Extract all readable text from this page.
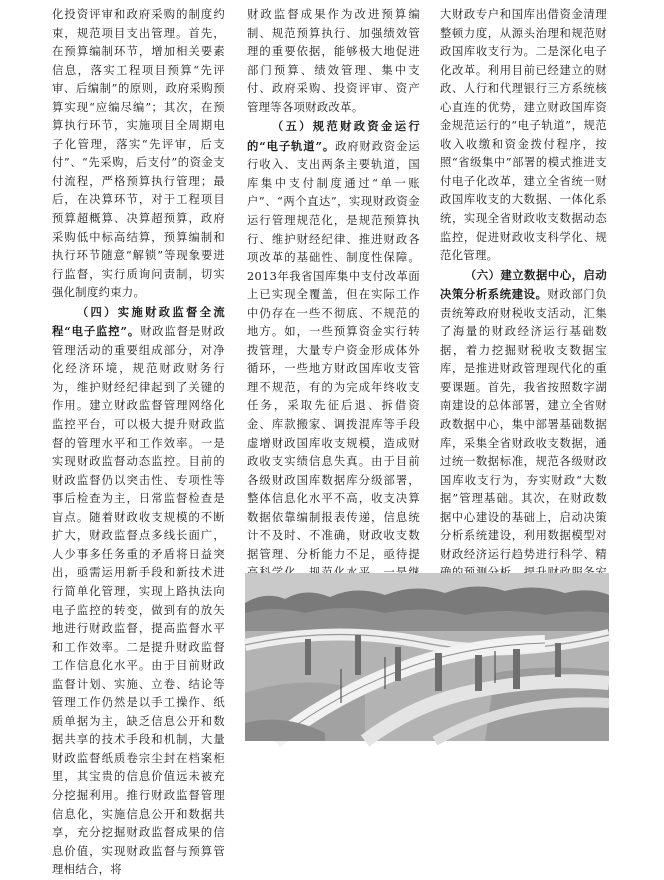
化投资评审和政府采购的制度约束，规范项目支出管理。首先，在预算编制环节，增加相关要素信息，落实工程项目预算“先评审、后编制”的原则，政府采购预算实现“应编尽编”；其次，在预算执行环节，实施项目全周期电子化管理，落实“先评审，后支付”、“先采购，后支付”的资金支付流程，严格预算执行管理；最后，在决算环节，对于工程项目预算超概算、决算超预算，政府采购低中标高结算，预算编制和执行环节随意“解锁”等现象要进行监督，实行质询问责制，切实强化制度约束力。

（四）实施财政监督全流程“电子监控”。财政监督是财政管理活动的重要组成部分，对净化经济环境，规范财政财务行为，维护财经纪律起到了关键的作用。建立财政监督管理网络化监控平台，可以极大提升财政监督的管理水平和工作效率。一是实现财政监督动态监控。目前的财政监督仍以突击性、专项性等事后检查为主，日常监督检查是盲点。随着财政收支规模的不断扩大，财政监督点多线长面广，人少事多任务重的矛盾将日益突出，亟需运用新手段和新技术进行简单化管理，实现上路执法向电子监控的转变，做到有的放矢地进行财政监督，提高监督水平和工作效率。二是提升财政监督工作信息化水平。由于目前财政监督计划、实施、立卷、结论等管理工作仍然是以手工操作、纸质单据为主，缺乏信息公开和数据共享的技术手段和机制，大量财政监督纸质卷宗尘封在档案柜里，其宝贵的信息价值远未被充分挖掘利用。推行财政监督管理信息化，实施信息公开和数据共享，充分挖掘财政监督成果的信息价值，实现财政监督与预算管理相结合，将

财政监督成果作为改进预算编制、规范预算执行、加强绩效管理的重要依据，能够极大地促进部门预算、绩效管理、集中支付、政府采购、投资评审、资产管理等各项财政改革。

（五）规范财政资金运行的“电子轨道”。政府财政资金运行收入、支出两条主要轨道，国库集中支付制度通过“单一账户”、“两个直达”，实现财政资金运行管理规范化，是规范预算执行、维护财经纪律、推进财政各项改革的基础性、制度性保障。2013年我省国库集中支付改革面上已实现全覆盖，但在实际工作中仍存在一些不彻底、不规范的地方。如，一些预算资金实行转拨管理，大量专户资金形成体外循环，一些地方财政国库收支管理不规范，有的为完成年终收支任务，采取先征后退、拆借资金、库款搬家、调拨混库等手段虚增财政国库收支规模，造成财政收支实绩信息失真。由于目前各级财政国库数据库分级部署，整体信息化水平不高，收支决算数据依靠编制报表传递，信息统计不及时、不准确，财政收支数据管理、分析能力不足，亟待提

大财政专户和国库出借资金清理整顿力度，从源头治理和规范财政国库收支行为。二是深化电子化改革。利用目前已经建立的财政、人行和代理银行三方系统核心直连的优势，建立财政国库资金规范运行的“电子轨道”，规范收入收缴和资金拨付程序，按照“省级集中”部署的模式推进支付电子化改革，建立全省统一财政国库收支的大数据、一体化系统，实现全省财政收支数据动态监控，促进财政收支科学化、规范化管理。

（六）建立数据中心，启动决策分析系统建设。财政部门负责统筹政府财税收支活动，汇集了海量的财政经济运行基础数据，着力挖掘财税收支数据宝库，是推进财政管理现代化的重要课题。首先，我省按照数字湖南建设的总体部署，建立全省财政数据中心，集中部署基础数据库，采集全省财政收支数据，通过统一数据标准，规范各级财政国库收支行为，夯实财政“大数据”管理基础。其次，在财政数据中心建设的基础上，启动决策分析系统建设，利用数据模型对财政经济运行趋势进行科学、精
